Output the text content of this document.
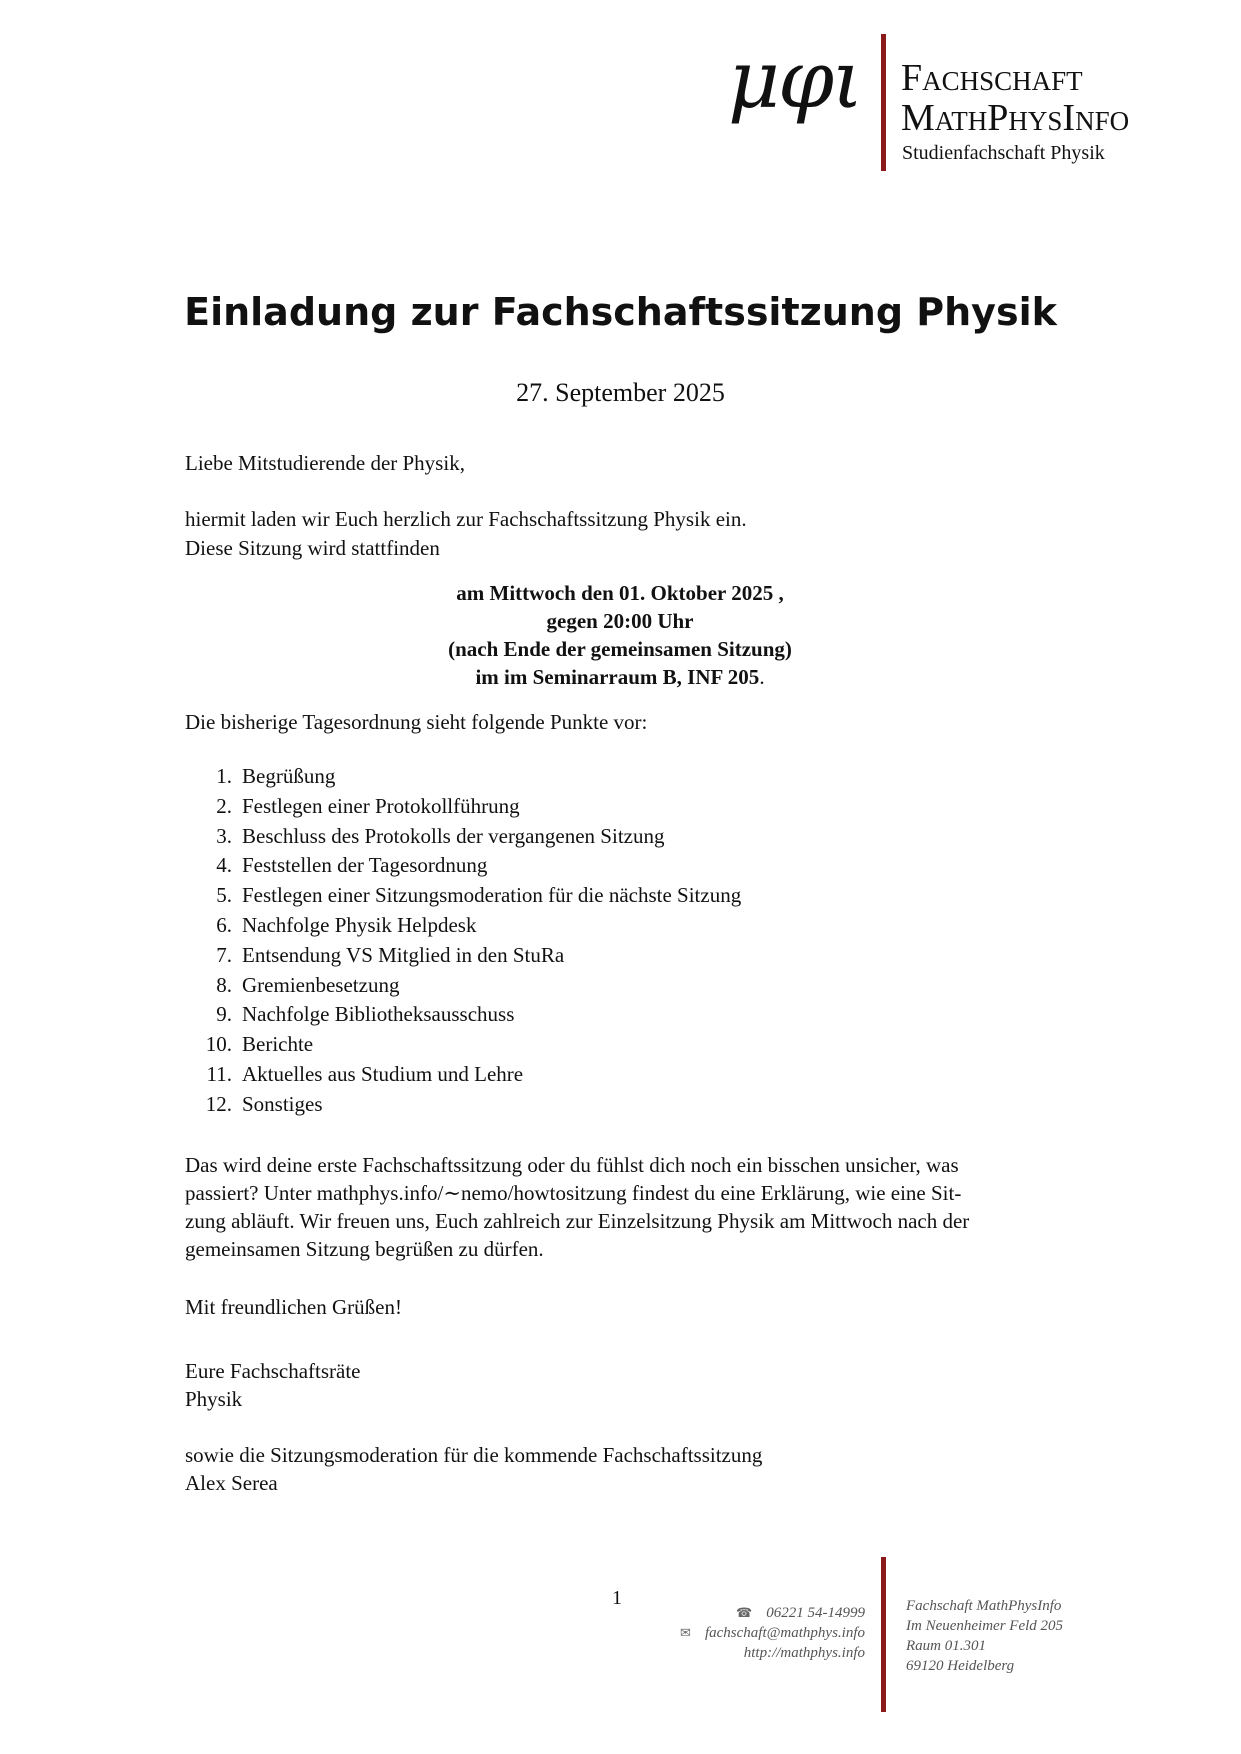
μφι Fachschaft
MathPhysInfo
Studienfachschaft Physik
Einladung zur Fachschaftssitzung Physik
27. September 2025

Liebe Mitstudierende der Physik,

hiermit laden wir Euch herzlich zur Fachschaftssitzung Physik ein.

Diese Sitzung wird stattfinden

am Mittwoch den 01. Oktober 2025 ,
gegen 20:00 Uhr
(nach Ende der gemeinsamen Sitzung)
im im Seminarraum B, INF 205.

Die bisherige Tagesordnung sieht folgende Punkte vor:

1. Begrüßung
2. Festlegen einer Protokollführung
3. Beschluss des Protokolls der vergangenen Sitzung
4. Feststellen der Tagesordnung
5. Festlegen einer Sitzungsmoderation für die nächste Sitzung
6. Nachfolge Physik Helpdesk
7. Entsendung VS Mitglied in den StuRa
8. Gremienbesetzung
9. Nachfolge Bibliotheksausschuss
10. Berichte
11. Aktuelles aus Studium und Lehre
12. Sonstiges
Das wird deine erste Fachschaftssitzung oder du fühlst dich noch ein bisschen unsicher, was
passiert? Unter mathphys.info/∼nemo/howtositzung findest du eine Erklärung, wie eine Sit-
zung abläuft. Wir freuen uns, Euch zahlreich zur Einzelsitzung Physik am Mittwoch nach der
gemeinsamen Sitzung begrüßen zu dürfen.
Mit freundlichen Grüßen!
Eure Fachschaftsräte
Physik
sowie die Sitzungsmoderation für die kommende Fachschaftssitzung
Alex Serea
1
☎ 06221 54-14999
✉ fachschaft@mathphys.info
http://mathphys.info
Fachschaft MathPhysInfo
Im Neuenheimer Feld 205
Raum 01.301
69120 Heidelberg
